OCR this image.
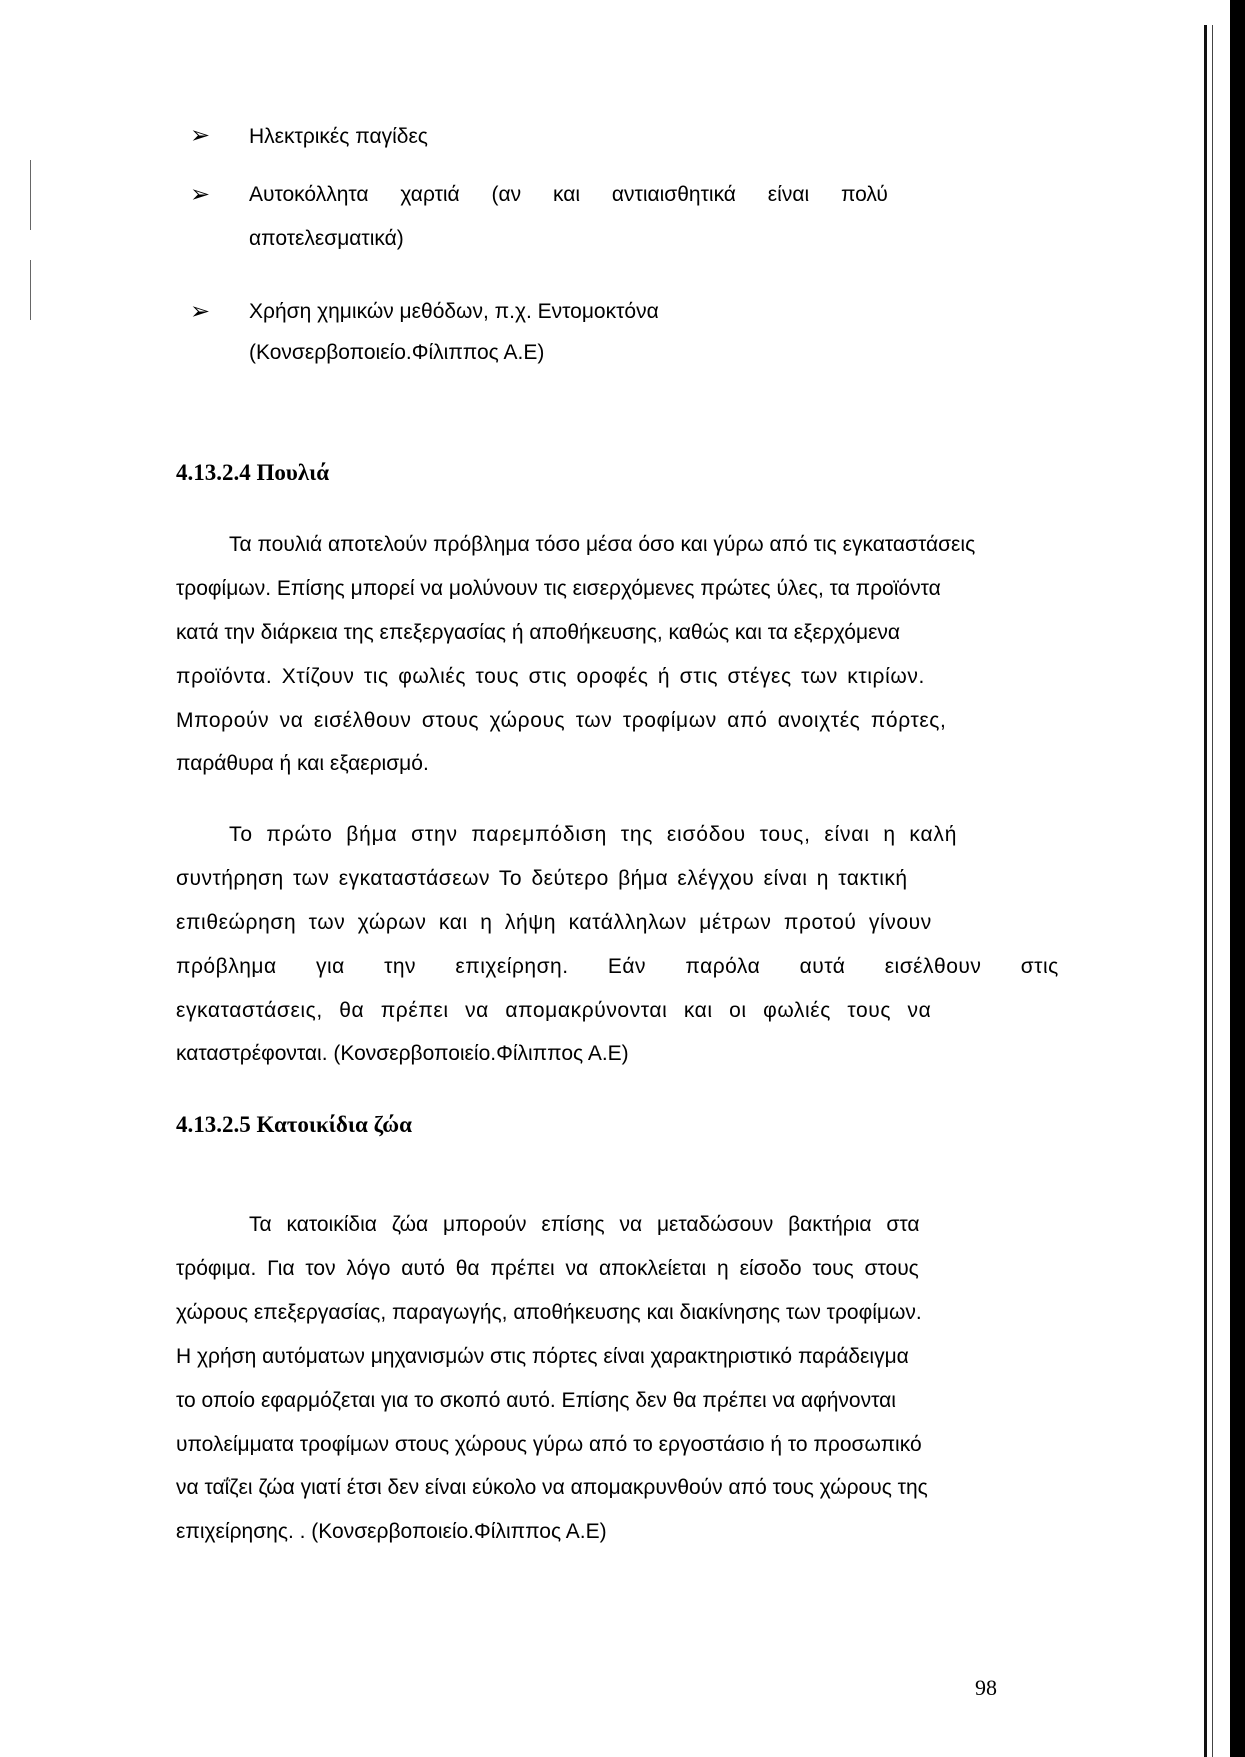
➢ Ηλεκτρικές παγίδες
➢ Αυτοκόλλητα χαρτιά (αν και αντιαισθητικά είναι πολύ
αποτελεσματικά)
➢ Χρήση χημικών μεθόδων, π.χ. Εντομοκτόνα
(Κονσερβοποιείο.Φίλιππος Α.Ε)
4.13.2.4 Πουλιά
Τα πουλιά αποτελούν πρόβλημα τόσο μέσα όσο και γύρω από τις εγκαταστάσεις
τροφίμων. Επίσης μπορεί να μολύνουν τις εισερχόμενες πρώτες ύλες, τα προϊόντα
κατά την διάρκεια της επεξεργασίας ή αποθήκευσης, καθώς και τα εξερχόμενα
προϊόντα. Χτίζουν τις φωλιές τους στις οροφές ή στις στέγες των κτιρίων.
Μπορούν να εισέλθουν στους χώρους των τροφίμων από ανοιχτές πόρτες,
παράθυρα ή και εξαερισμό.
Το πρώτο βήμα στην παρεμπόδιση της εισόδου τους, είναι η καλή
συντήρηση των εγκαταστάσεων Το δεύτερο βήμα ελέγχου είναι η τακτική
επιθεώρηση των χώρων και η λήψη κατάλληλων μέτρων προτού γίνουν
πρόβλημα για την επιχείρηση. Εάν παρόλα αυτά εισέλθουν στις
εγκαταστάσεις, θα πρέπει να απομακρύνονται και οι φωλιές τους να
καταστρέφονται. (Κονσερβοποιείο.Φίλιππος Α.Ε)
4.13.2.5 Κατοικίδια ζώα
Τα κατοικίδια ζώα μπορούν επίσης να μεταδώσουν βακτήρια στα
τρόφιμα. Για τον λόγο αυτό θα πρέπει να αποκλείεται η είσοδο τους στους
χώρους επεξεργασίας, παραγωγής, αποθήκευσης και διακίνησης των τροφίμων.
Η χρήση αυτόματων μηχανισμών στις πόρτες είναι χαρακτηριστικό παράδειγμα
το οποίο εφαρμόζεται για το σκοπό αυτό. Επίσης δεν θα πρέπει να αφήνονται
υπολείμματα τροφίμων στους χώρους γύρω από το εργοστάσιο ή το προσωπικό
να ταΐζει ζώα γιατί έτσι δεν είναι εύκολο να απομακρυνθούν από τους χώρους της
επιχείρησης. . (Κονσερβοποιείο.Φίλιππος Α.Ε)
98
